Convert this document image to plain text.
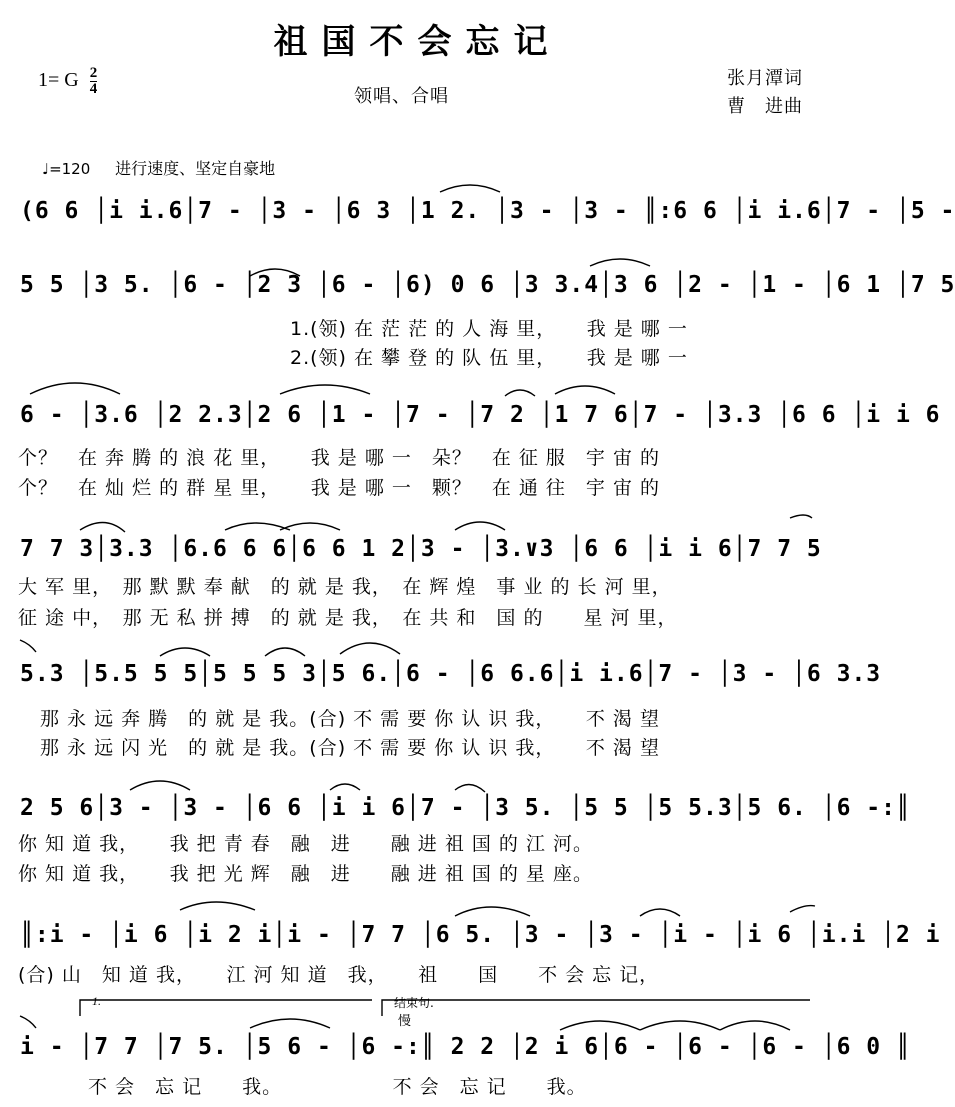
祖国不会忘记
1= G $\frac{2}{4}$	领唱、合唱
张月潭词
曹　进曲
♩=120 进行速度、坚定自豪地
(6 6 │i i.6│7 - │3 - │6 3 │1 2. │3 - │3 - ║:6 6 │i i.6│7 - │5 -
5 5 │3 5. │6 - │2 3 │6 - │6) 0 6 │3 3.4│3 6 │2 - │1 - │6 1 │7 5
1.(领) 在 茫 茫 的 人 海 里，　　我 是 哪 一
2.(领) 在 攀 登 的 队 伍 里，　　我 是 哪 一
6 - │3.6 │2 2.3│2 6 │1 - │7 - │7 2 │1 7 6│7 - │3.3 │6 6 │i i 6
个？　在 奔 腾 的 浪 花 里，　　我 是 哪 一　朵？　在 征 服　宇 宙 的
个？　在 灿 烂 的 群 星 里，　　我 是 哪 一　颗？　在 通 往　宇 宙 的
7 7 3│3.3 │6.6 6 6│6 6 1 2│3 - │3.∨3 │6 6 │i i 6│7 7 5
大 军 里，　那 默 默 奉 献　的 就 是 我，　在 辉 煌　事 业 的 长 河 里，
征 途 中，　那 无 私 拼 搏　的 就 是 我，　在 共 和　国 的　　星 河 里，
5.3 │5.5 5 5│5 5 5 3│5 6.│6 - │6 6.6│i i.6│7 - │3 - │6 3.3
那 永 远 奔 腾　的 就 是 我。(合) 不 需 要 你 认 识 我，　　不 渴 望
那 永 远 闪 光　的 就 是 我。(合) 不 需 要 你 认 识 我，　　不 渴 望
2 5 6│3 - │3 - │6 6 │i i 6│7 - │3 5. │5 5 │5 5.3│5 6. │6 -:║
你 知 道 我，　　我 把 青 春　融　进　　融 进 祖 国 的 江 河。
你 知 道 我，　　我 把 光 辉　融　进　　融 进 祖 国 的 星 座。
║:i - │i 6 │i 2 i│i - │7 7 │6 5. │3 - │3 - │i - │i 6 │i.i │2 i
(合) 山　知 道 我，　　江 河 知 道　我，　　祖　　国　　不 会 忘 记，
1.	结束句.
慢
i - │7 7 │7 5. │5 6 - │6 -:║ 2 2 │2 i 6│6 - │6 - │6 - │6 0 ║
不 会　忘 记　　我。　　　　　　不 会　忘 记　　我。
